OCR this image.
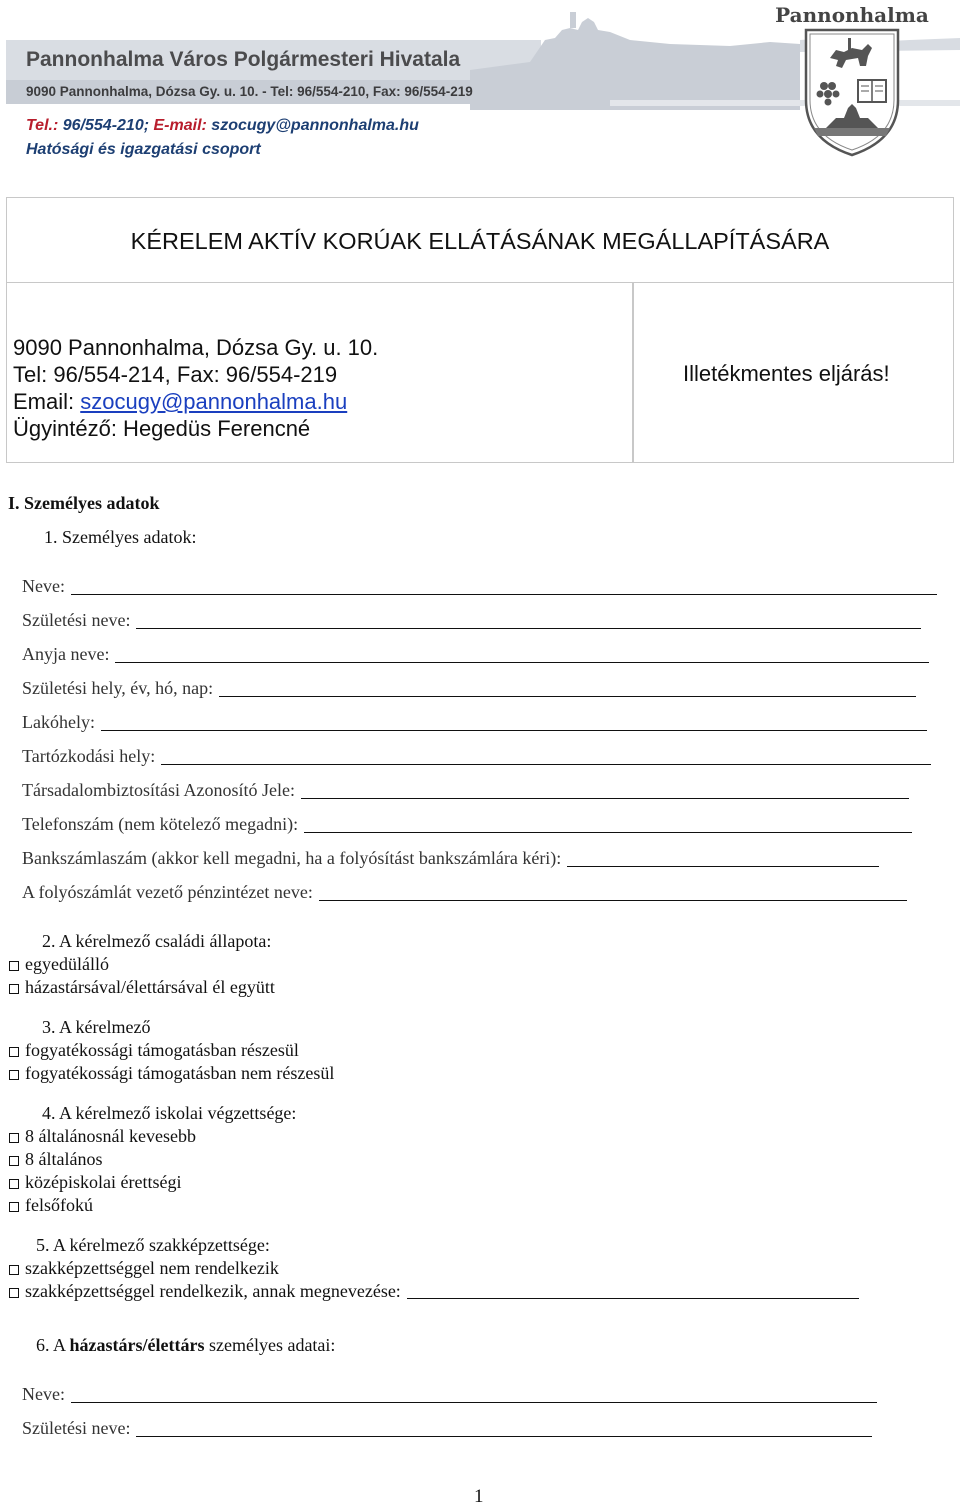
Pannonhalma Város Polgármesteri Hivatala
9090 Pannonhalma, Dózsa Gy. u. 10. - Tel: 96/554-210, Fax: 96/554-219
Tel.: 96/554-210; E-mail: szocugy@pannonhalma.hu
Hatósági és igazgatási csoport
Pannonhalma
KÉRELEM AKTÍV KORÚAK ELLÁTÁSÁNAK MEGÁLLAPÍTÁSÁRA
9090 Pannonhalma, Dózsa Gy. u. 10.
Tel: 96/554-214, Fax: 96/554-219
Email: szocugy@pannonhalma.hu
Ügyintéző: Hegedüs Ferencné
Illetékmentes eljárás!
I. Személyes adatok
1. Személyes adatok:
Neve:
Születési neve:
Anyja neve:
Születési hely, év, hó, nap:
Lakóhely:
Tartózkodási hely:
Társadalombiztosítási Azonosító Jele:
Telefonszám (nem kötelező megadni):
Bankszámlaszám (akkor kell megadni, ha a folyósítást bankszámlára kéri):
A folyószámlát vezető pénzintézet neve:
2. A kérelmező családi állapota:
egyedülálló
házastársával/élettársával él együtt
3. A kérelmező
fogyatékossági támogatásban részesül
fogyatékossági támogatásban nem részesül
4. A kérelmező iskolai végzettsége:
8 általánosnál kevesebb
8 általános
középiskolai érettségi
felsőfokú
5. A kérelmező szakképzettsége:
szakképzettséggel nem rendelkezik
szakképzettséggel rendelkezik, annak megnevezése:
6. A házastárs/élettárs személyes adatai:
Neve:
Születési neve:
1
